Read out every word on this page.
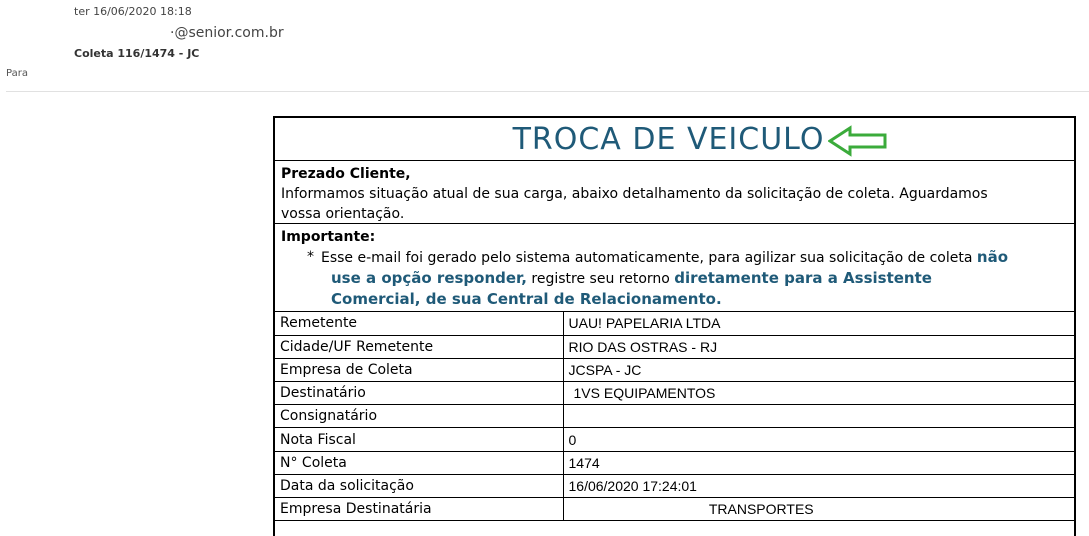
ter 16/06/2020 18:18
·@senior.com.br
Coleta 116/1474 - JC
Para
TROCA DE VEICULO
Prezado Cliente,
Informamos situação atual de sua carga, abaixo detalhamento da solicitação de coleta. Aguardamos
vossa orientação.
Importante:
* Esse e-mail foi gerado pelo sistema automaticamente, para agilizar sua solicitação de coleta não
use a opção responder, registre seu retorno diretamente para a Assistente
Comercial, de sua Central de Relacionamento.
Remetente	UAU! PAPELARIA LTDA
Cidade/UF Remetente	RIO DAS OSTRAS - RJ
Empresa de Coleta	JCSPA - JC
Destinatário	1VS EQUIPAMENTOS
Consignatário	
Nota Fiscal	0
N° Coleta	1474
Data da solicitação	16/06/2020 17:24:01
Empresa Destinatária	TRANSPORTES
